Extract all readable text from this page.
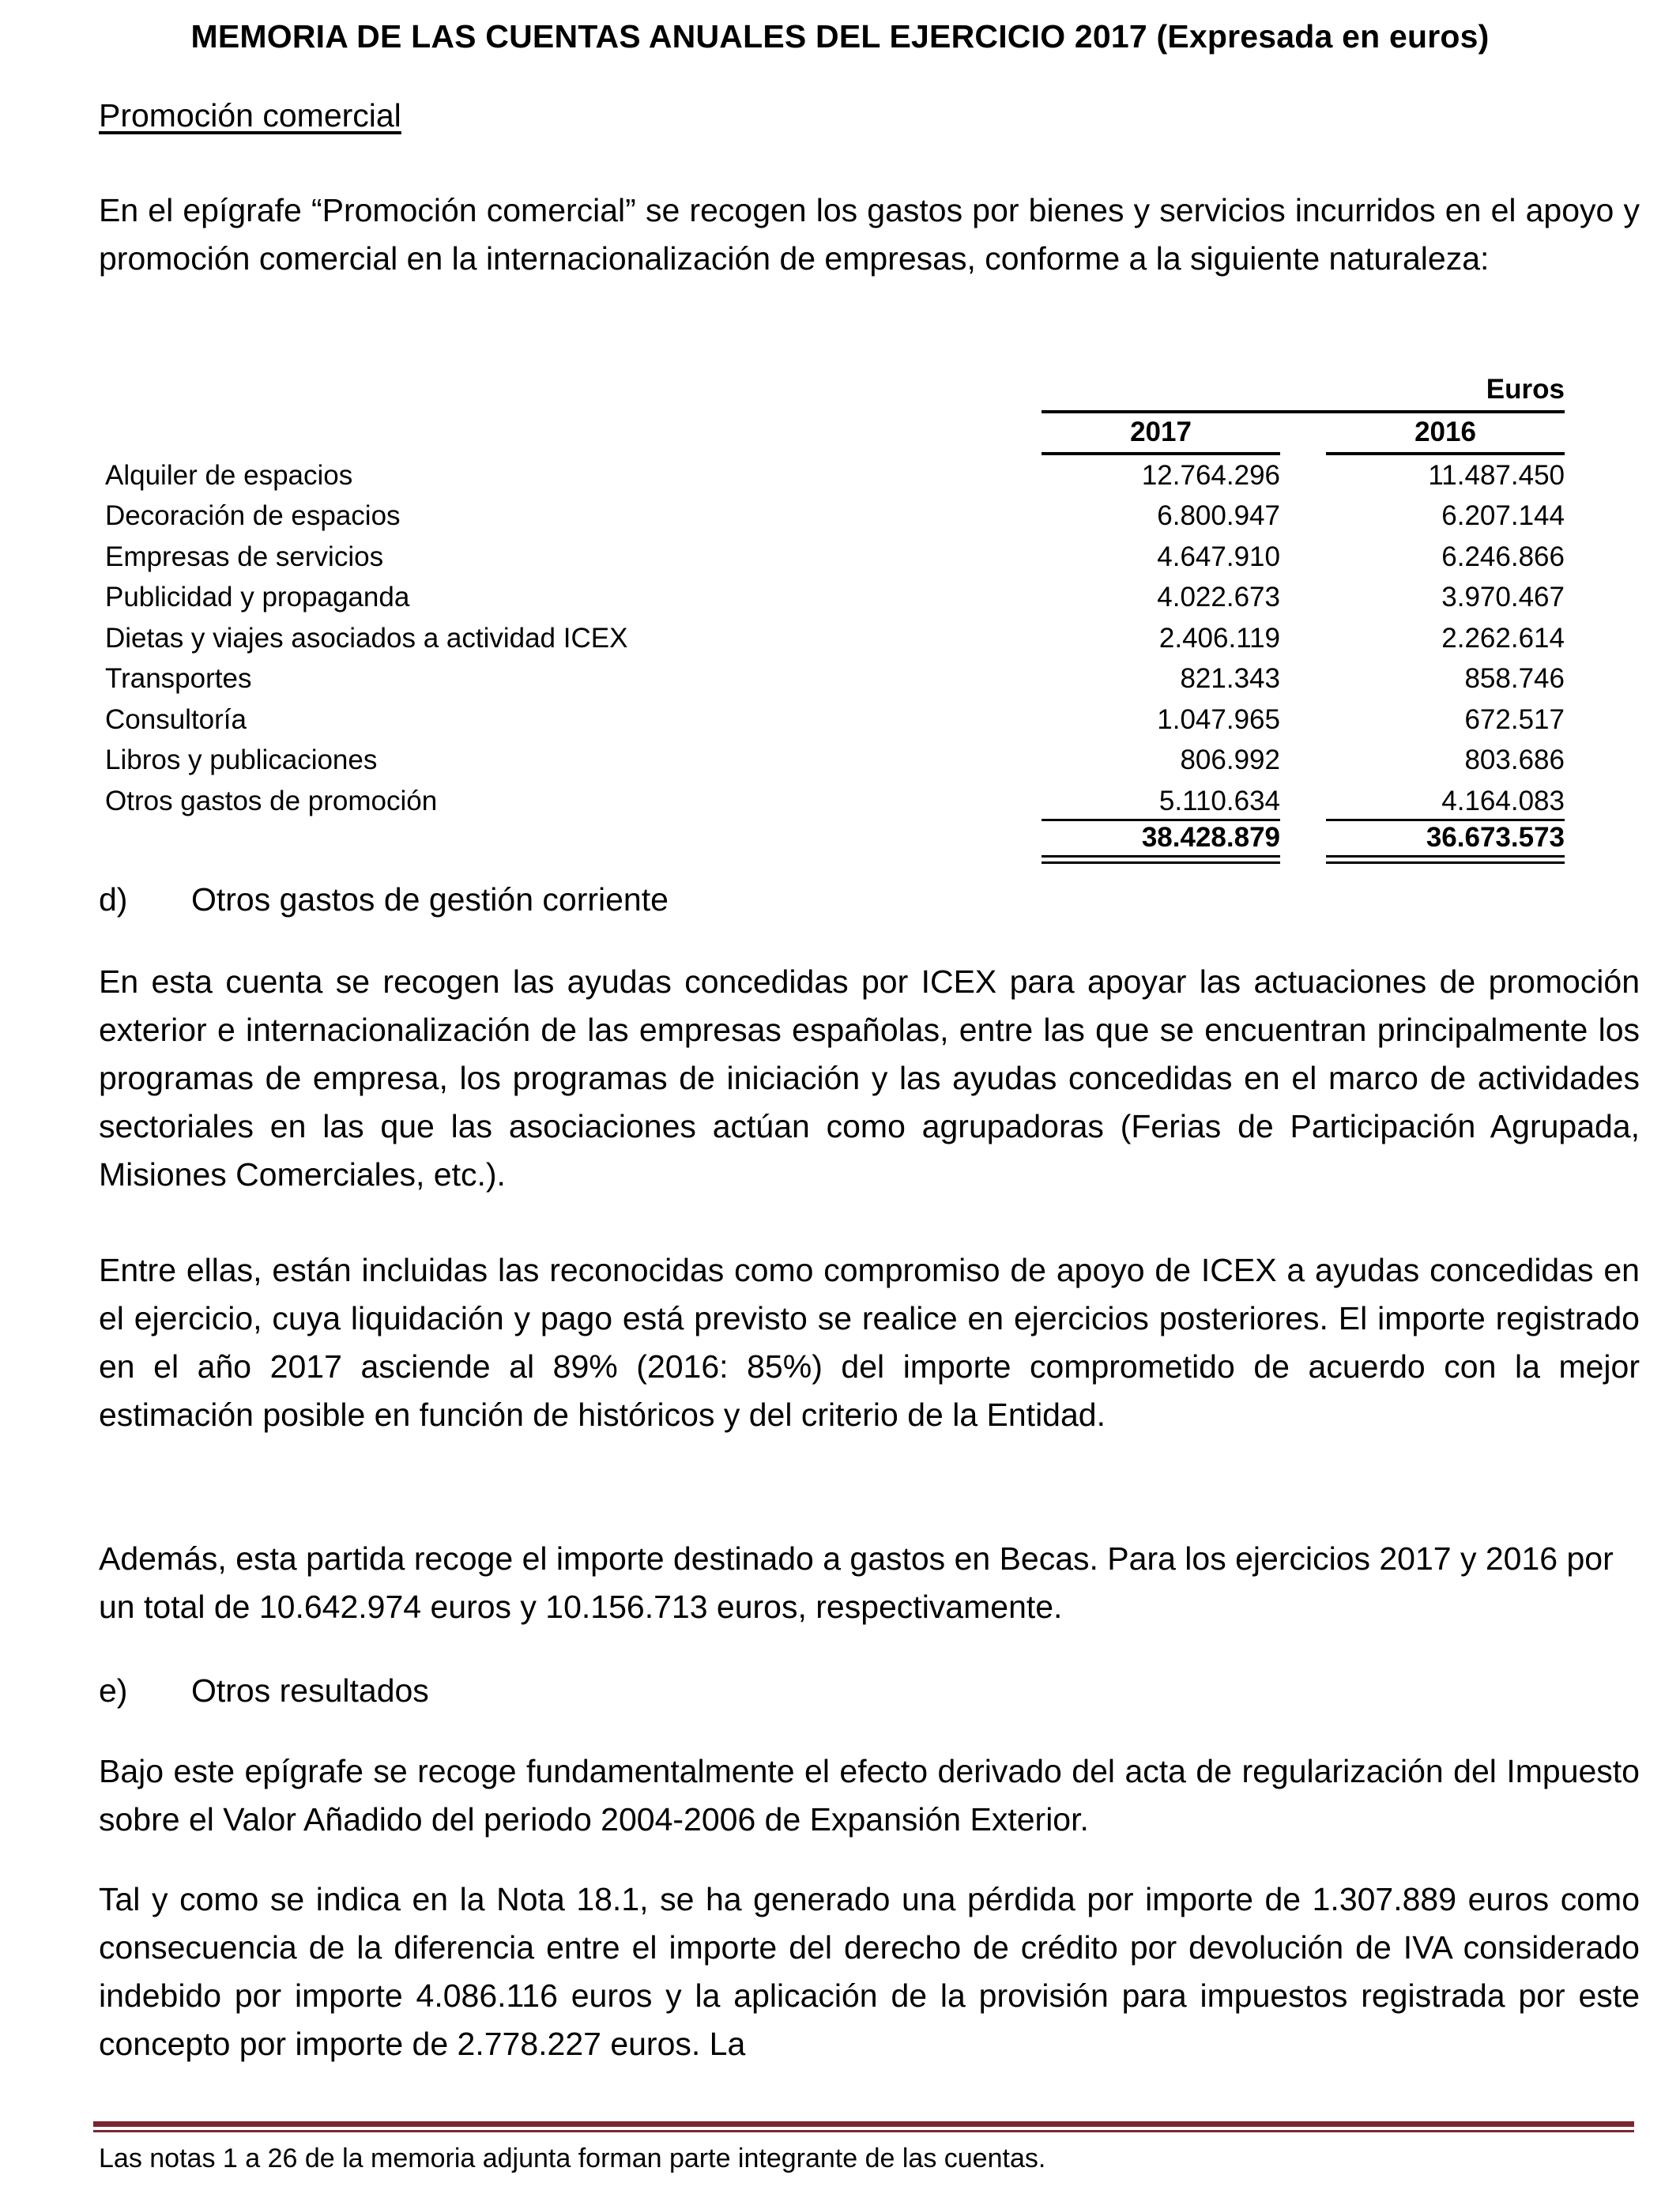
MEMORIA DE LAS CUENTAS ANUALES DEL EJERCICIO 2017 (Expresada en euros)
Promoción comercial

En el epígrafe “Promoción comercial” se recogen los gastos por bienes y servicios incurridos en el apoyo y promoción comercial en la internacionalización de empresas, conforme a la siguiente naturaleza:

Euros
2017	2016
Alquiler de espacios	12.764.296	11.487.450
Decoración de espacios	6.800.947	6.207.144
Empresas de servicios	4.647.910	6.246.866
Publicidad y propaganda	4.022.673	3.970.467
Dietas y viajes asociados a actividad ICEX	2.406.119	2.262.614
Transportes	821.343	858.746
Consultoría	1.047.965	672.517
Libros y publicaciones	806.992	803.686
Otros gastos de promoción	5.110.634	4.164.083
38.428.879	36.673.573
d) Otros gastos de gestión corriente

En esta cuenta se recogen las ayudas concedidas por ICEX para apoyar las actuaciones de promoción exterior e internacionalización de las empresas españolas, entre las que se encuentran principalmente los programas de empresa, los programas de iniciación y las ayudas concedidas en el marco de actividades sectoriales en las que las asociaciones actúan como agrupadoras (Ferias de Participación Agrupada, Misiones Comerciales, etc.).

Entre ellas, están incluidas las reconocidas como compromiso de apoyo de ICEX a ayudas concedidas en el ejercicio, cuya liquidación y pago está previsto se realice en ejercicios posteriores. El importe registrado en el año 2017 asciende al 89% (2016: 85%) del importe comprometido de acuerdo con la mejor estimación posible en función de históricos y del criterio de la Entidad.

Además, esta partida recoge el importe destinado a gastos en Becas. Para los ejercicios 2017 y 2016 por un total de 10.642.974 euros y 10.156.713 euros, respectivamente.

e) Otros resultados

Bajo este epígrafe se recoge fundamentalmente el efecto derivado del acta de regularización del Impuesto sobre el Valor Añadido del periodo 2004-2006 de Expansión Exterior.

Tal y como se indica en la Nota 18.1, se ha generado una pérdida por importe de 1.307.889 euros como consecuencia de la diferencia entre el importe del derecho de crédito por devolución de IVA considerado indebido por importe 4.086.116 euros y la aplicación de la provisión para impuestos registrada por este concepto por importe de 2.778.227 euros. La

Las notas 1 a 26 de la memoria adjunta forman parte integrante de las cuentas.
